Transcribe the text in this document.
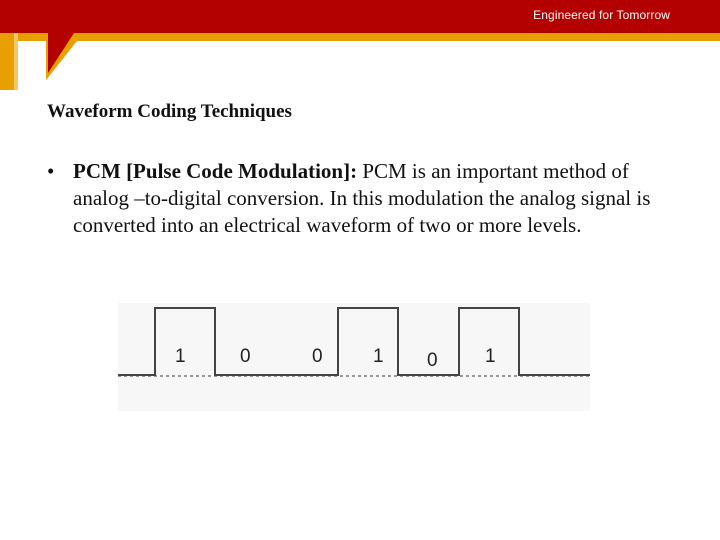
Engineered for Tomorrow
Waveform Coding Techniques
• PCM [Pulse Code Modulation]: PCM is an important method of analog –to-digital conversion. In this modulation the analog signal is converted into an electrical waveform of two or more levels.
1	0	0	1 0 1
